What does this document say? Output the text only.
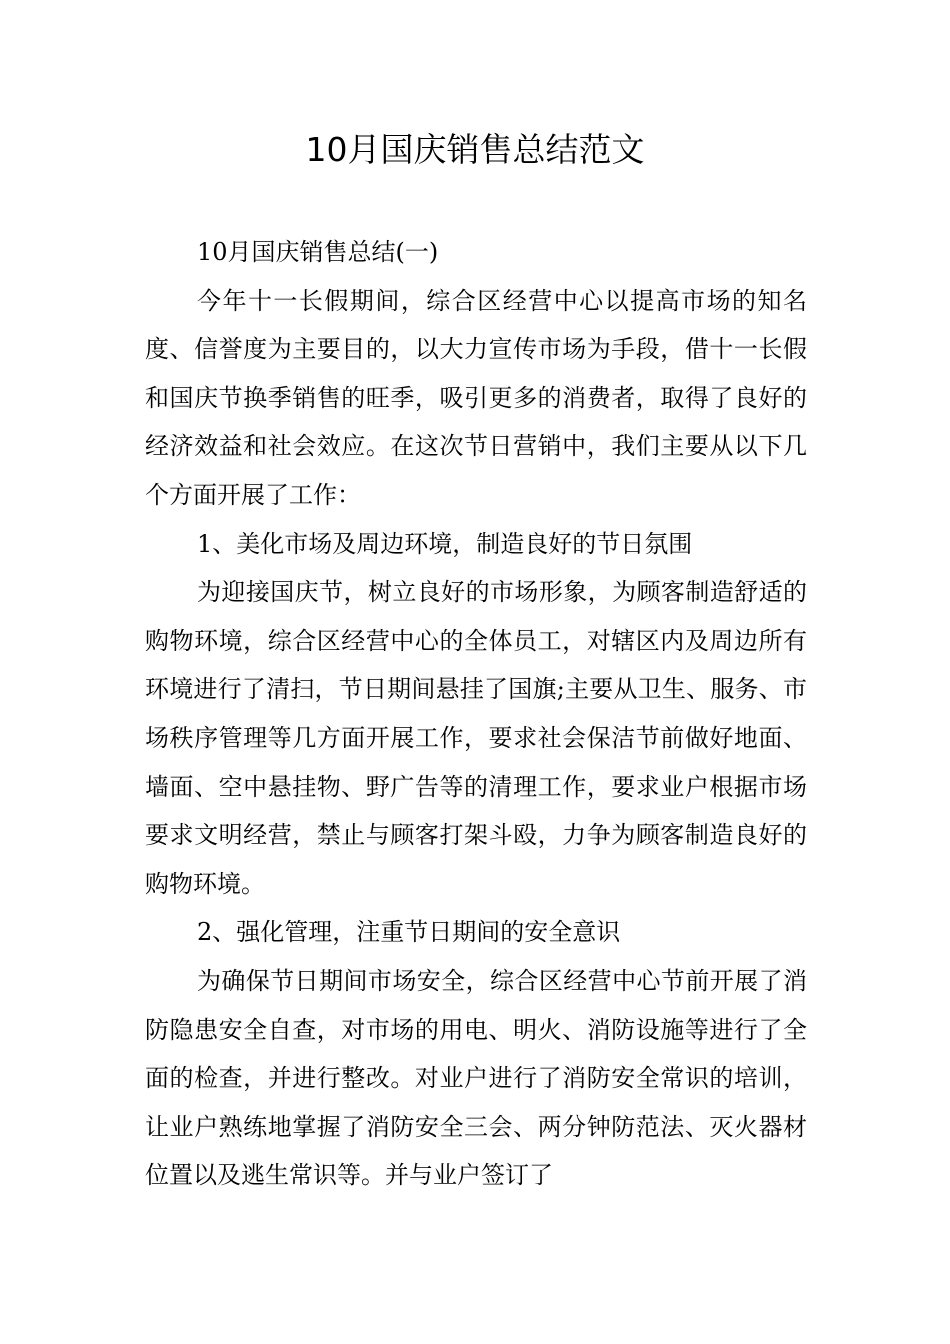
10月国庆销售总结范文

10月国庆销售总结(一)

今年十一长假期间，综合区经营中心以提高市场的知名度、信誉度为主要目的，以大力宣传市场为手段，借十一长假和国庆节换季销售的旺季，吸引更多的消费者，取得了良好的经济效益和社会效应。在这次节日营销中，我们主要从以下几个方面开展了工作：

1、美化市场及周边环境，制造良好的节日氛围

为迎接国庆节，树立良好的市场形象，为顾客制造舒适的购物环境，综合区经营中心的全体员工，对辖区内及周边所有环境进行了清扫，节日期间悬挂了国旗;主要从卫生、服务、市场秩序管理等几方面开展工作，要求社会保洁节前做好地面、墙面、空中悬挂物、野广告等的清理工作，要求业户根据市场要求文明经营，禁止与顾客打架斗殴，力争为顾客制造良好的购物环境。

2、强化管理，注重节日期间的安全意识

为确保节日期间市场安全，综合区经营中心节前开展了消防隐患安全自查，对市场的用电、明火、消防设施等进行了全面的检查，并进行整改。对业户进行了消防安全常识的培训，让业户熟练地掌握了消防安全三会、两分钟防范法、灭火器材位置以及逃生常识等。并与业户签订了
